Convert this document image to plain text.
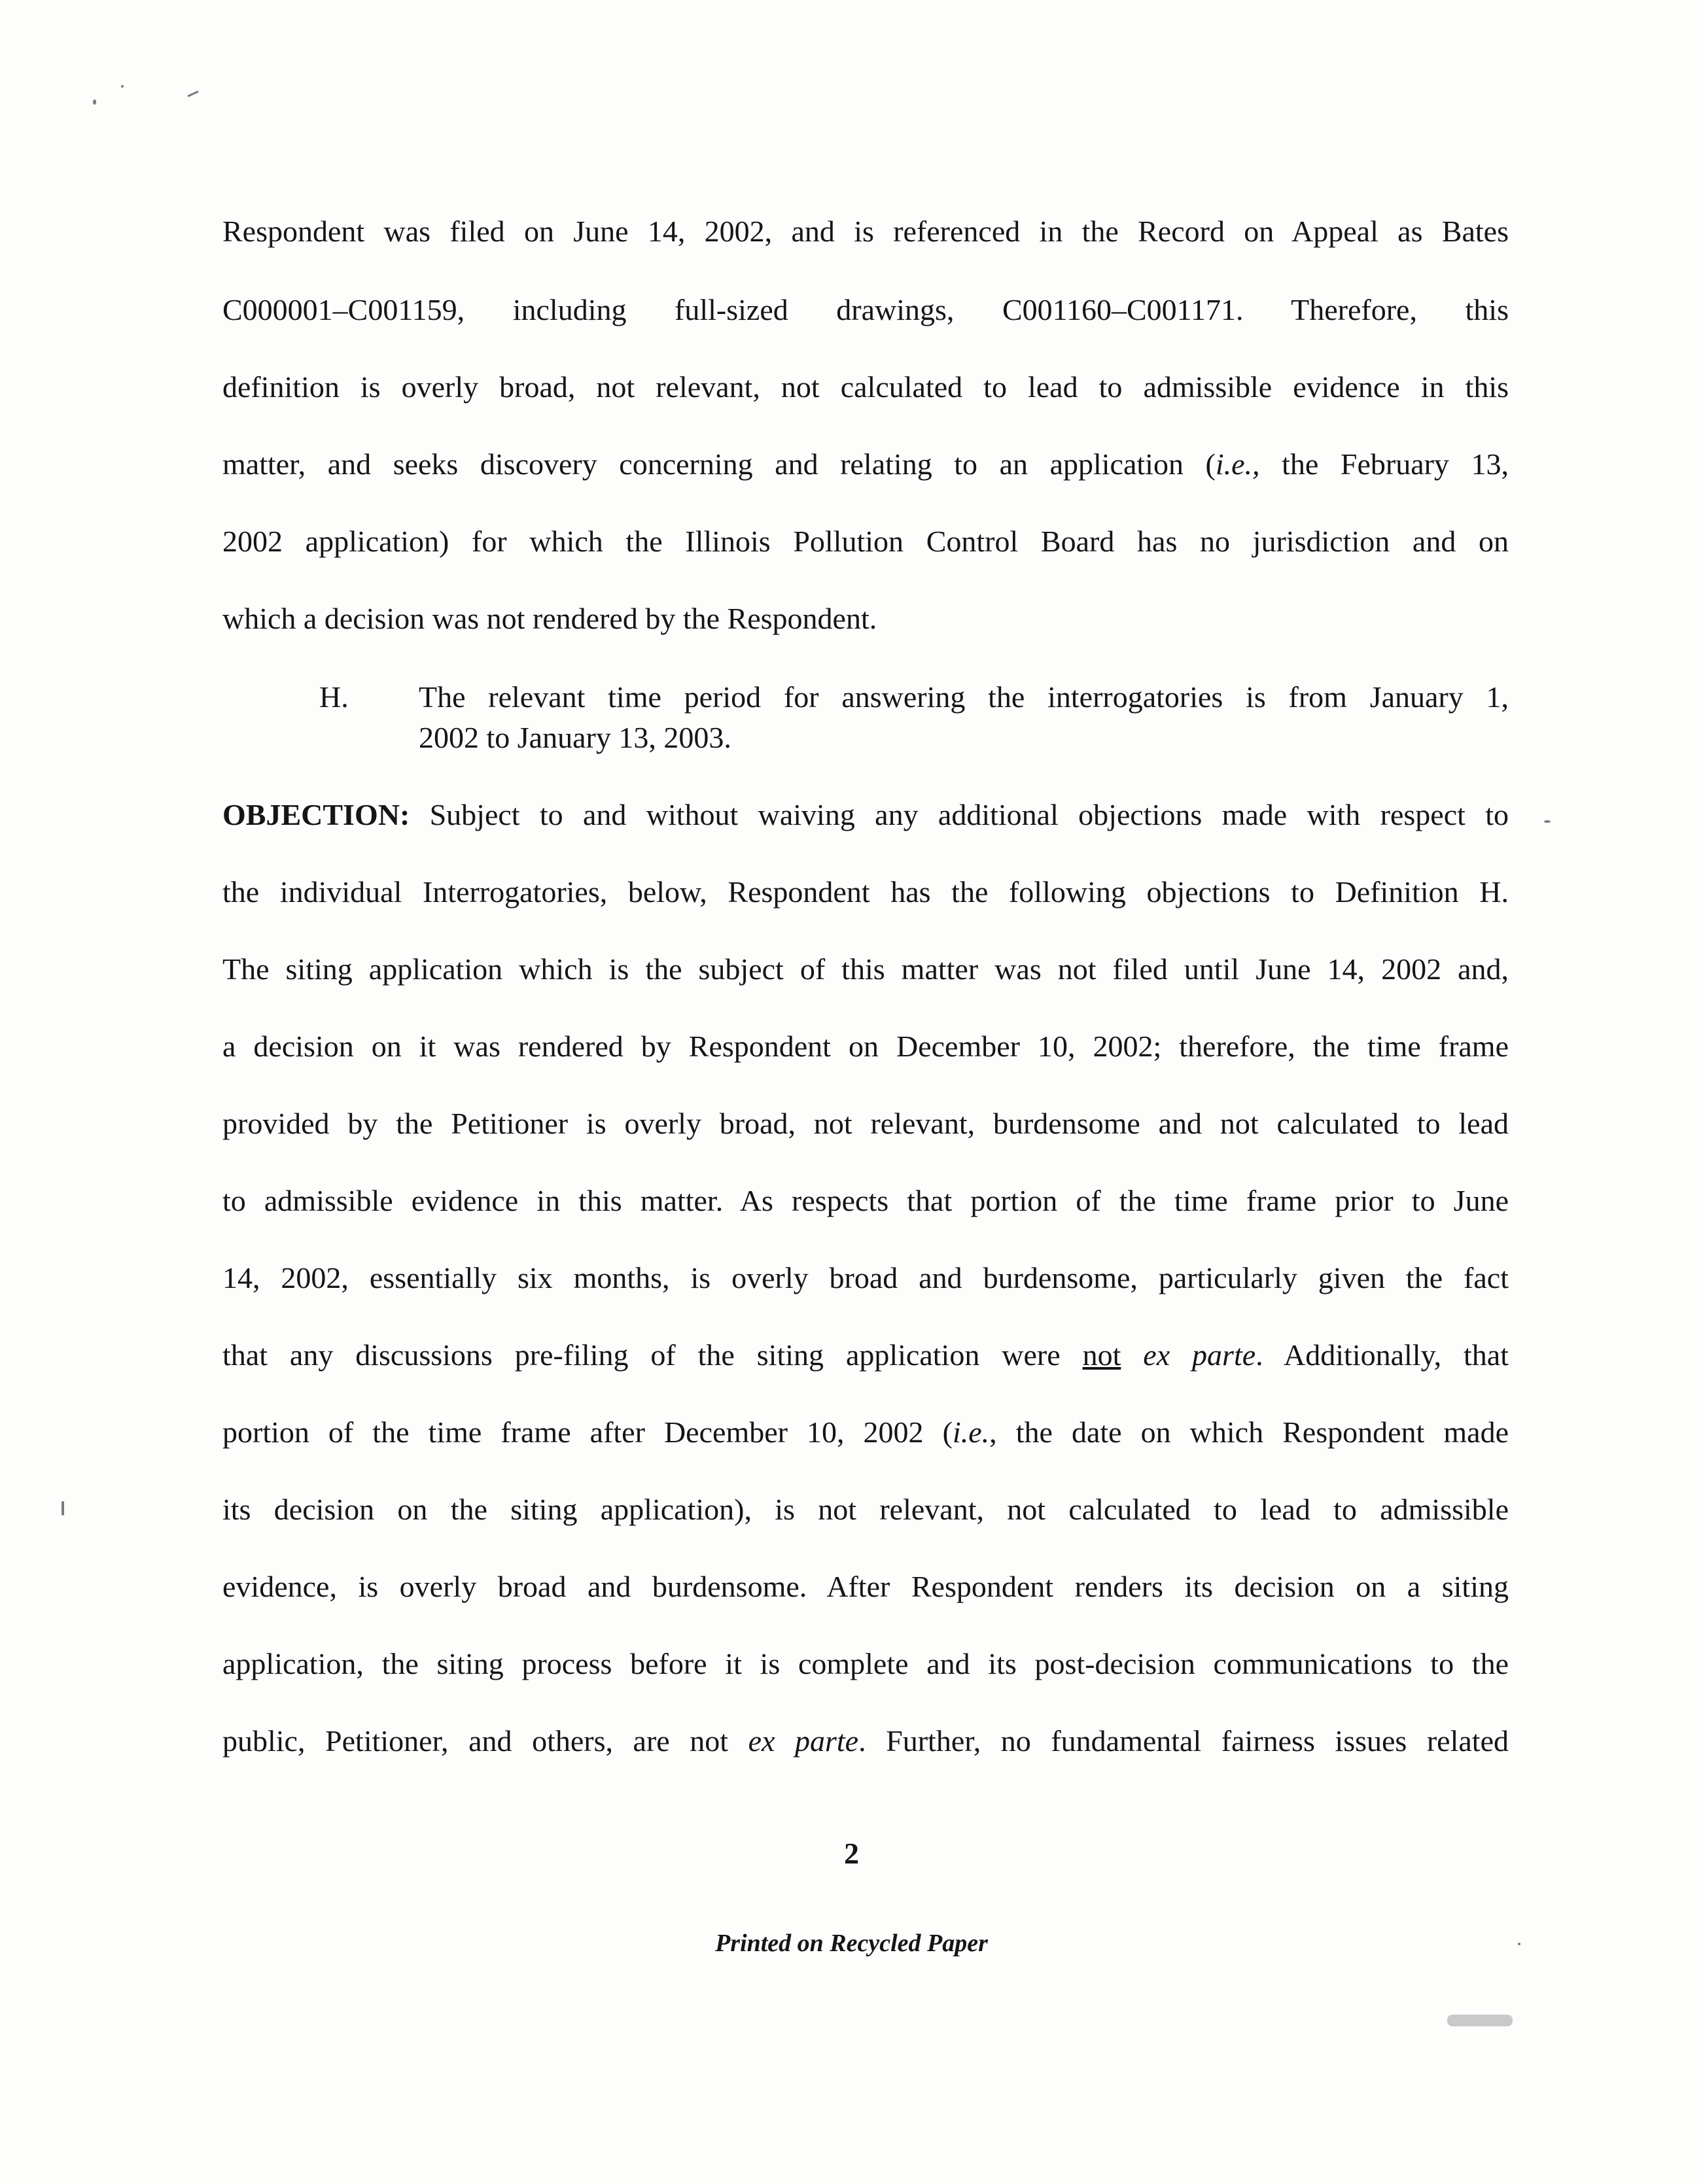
Respondent was filed on June 14, 2002, and is referenced in the Record on Appeal as Bates
C000001–C001159, including full-sized drawings, C001160–C001171. Therefore, this
definition is overly broad, not relevant, not calculated to lead to admissible evidence in this
matter, and seeks discovery concerning and relating to an application (i.e., the February 13,
2002 application) for which the Illinois Pollution Control Board has no jurisdiction and on
which a decision was not rendered by the Respondent.
H. The relevant time period for answering the interrogatories is from January 1,
2002 to January 13, 2003.
OBJECTION: Subject to and without waiving any additional objections made with respect to
the individual Interrogatories, below, Respondent has the following objections to Definition H.
The siting application which is the subject of this matter was not filed until June 14, 2002 and,
a decision on it was rendered by Respondent on December 10, 2002; therefore, the time frame
provided by the Petitioner is overly broad, not relevant, burdensome and not calculated to lead
to admissible evidence in this matter. As respects that portion of the time frame prior to June
14, 2002, essentially six months, is overly broad and burdensome, particularly given the fact
that any discussions pre-filing of the siting application were not ex parte. Additionally, that
portion of the time frame after December 10, 2002 (i.e., the date on which Respondent made
its decision on the siting application), is not relevant, not calculated to lead to admissible
evidence, is overly broad and burdensome. After Respondent renders its decision on a siting
application, the siting process before it is complete and its post-decision communications to the
public, Petitioner, and others, are not ex parte. Further, no fundamental fairness issues related
2
Printed on Recycled Paper
